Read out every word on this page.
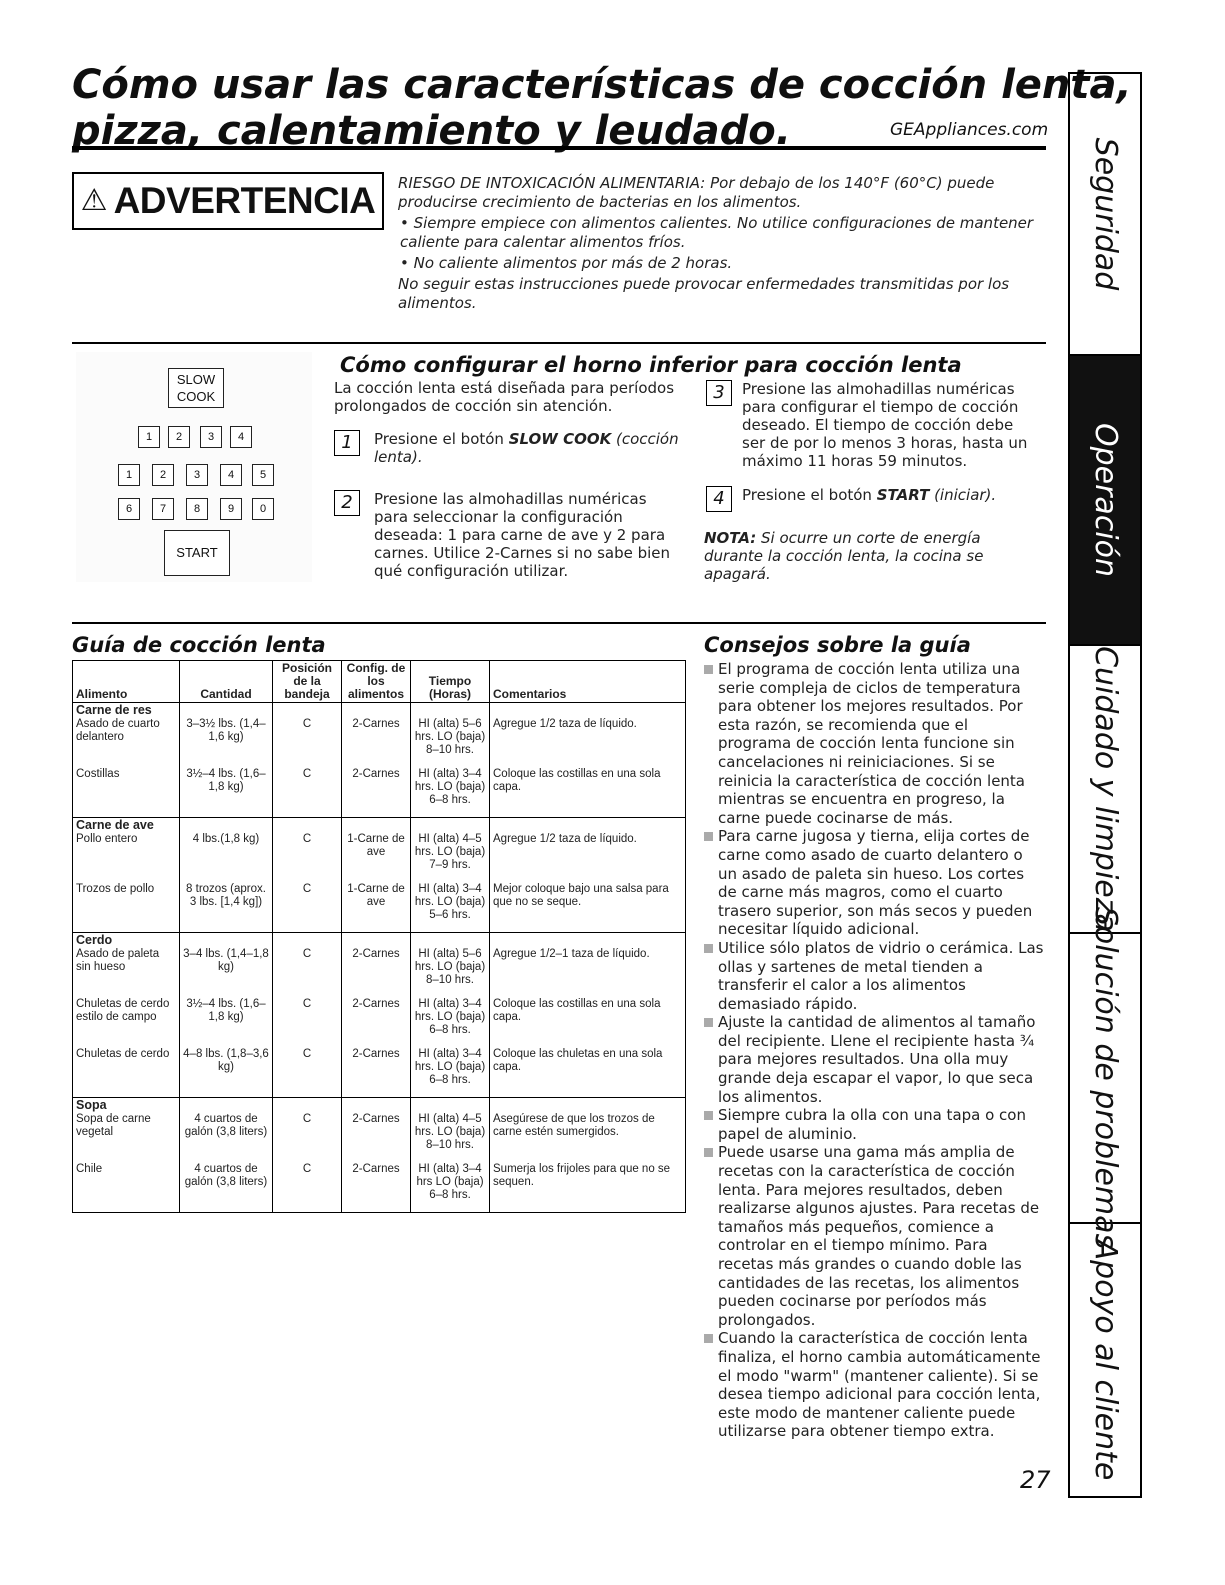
Cómo usar las características de cocción lenta,
pizza, calentamiento y leudado.	GEAppliances.com
⚠ ADVERTENCIA RIESGO DE INTOXICACIÓN ALIMENTARIA: Por debajo de los 140°F (60°C) puede producirse crecimiento de bacterias en los alimentos.

• Siempre empiece con alimentos calientes. No utilice configuraciones de mantener caliente para calentar alimentos fríos.

• No caliente alimentos por más de 2 horas.

No seguir estas instrucciones puede provocar enfermedades transmitidas por los alimentos.

SLOW
COOK
1	2	3	4
1	2	3	4	5
6	7	8	9	0
START
Cómo configurar el horno inferior para cocción lenta
La cocción lenta está diseñada para períodos prolongados de cocción sin atención.
1	Presione el botón SLOW COOK (cocción lenta).
2	Presione las almohadillas numéricas para seleccionar la configuración deseada: 1 para carne de ave y 2 para carnes. Utilice 2-Carnes si no sabe bien qué configuración utilizar.
3	Presione las almohadillas numéricas para configurar el tiempo de cocción deseado. El tiempo de cocción debe ser de por lo menos 3 horas, hasta un máximo 11 horas 59 minutos.
4	Presione el botón START (iniciar).
NOTA: Si ocurre un corte de energía durante la cocción lenta, la cocina se apagará.
Guía de cocción lenta
Alimento	Cantidad	Posición de la bandeja	Config. de los alimentos	Tiempo (Horas)	Comentarios
Carne de res					
Asado de cuarto delantero	3–3½ lbs. (1,4–1,6 kg)	C	2-Carnes	HI (alta) 5–6 hrs. LO (baja) 8–10 hrs.	Agregue 1/2 taza de líquido.
Costillas	3½–4 lbs. (1,6–1,8 kg)	C	2-Carnes	HI (alta) 3–4 hrs. LO (baja) 6–8 hrs.	Coloque las costillas en una sola capa.
Carne de ave					
Pollo entero	4 lbs.(1,8 kg)	C	1-Carne de ave	HI (alta) 4–5 hrs. LO (baja) 7–9 hrs.	Agregue 1/2 taza de líquido.
Trozos de pollo	8 trozos (aprox. 3 lbs. [1,4 kg])	C	1-Carne de ave	HI (alta) 3–4 hrs. LO (baja) 5–6 hrs.	Mejor coloque bajo una salsa para que no se seque.
Cerdo					
Asado de paleta sin hueso	3–4 lbs. (1,4–1,8 kg)	C	2-Carnes	HI (alta) 5–6 hrs. LO (baja) 8–10 hrs.	Agregue 1/2–1 taza de líquido.
Chuletas de cerdo estilo de campo	3½–4 lbs. (1,6–1,8 kg)	C	2-Carnes	HI (alta) 3–4 hrs. LO (baja) 6–8 hrs.	Coloque las costillas en una sola capa.
Chuletas de cerdo	4–8 lbs. (1,8–3,6 kg)	C	2-Carnes	HI (alta) 3–4 hrs. LO (baja) 6–8 hrs.	Coloque las chuletas en una sola capa.
Sopa					
Sopa de carne vegetal	4 cuartos de galón (3,8 liters)	C	2-Carnes	HI (alta) 4–5 hrs. LO (baja) 8–10 hrs.	Asegúrese de que los trozos de carne estén sumergidos.
Chile	4 cuartos de galón (3,8 liters)	C	2-Carnes	HI (alta) 3–4 hrs LO (baja) 6–8 hrs.	Sumerja los frijoles para que no se sequen.
Consejos sobre la guía

El programa de cocción lenta utiliza una serie compleja de ciclos de temperatura para obtener los mejores resultados. Por esta razón, se recomienda que el programa de cocción lenta funcione sin cancelaciones ni reiniciaciones. Si se reinicia la característica de cocción lenta mientras se encuentra en progreso, la carne puede cocinarse de más.

Para carne jugosa y tierna, elija cortes de carne como asado de cuarto delantero o un asado de paleta sin hueso. Los cortes de carne más magros, como el cuarto trasero superior, son más secos y pueden necesitar líquido adicional.

Utilice sólo platos de vidrio o cerámica. Las ollas y sartenes de metal tienden a transferir el calor a los alimentos demasiado rápido.

Ajuste la cantidad de alimentos al tamaño del recipiente. Llene el recipiente hasta ¾ para mejores resultados. Una olla muy grande deja escapar el vapor, lo que seca los alimentos.

Siempre cubra la olla con una tapa o con papel de aluminio.

Puede usarse una gama más amplia de recetas con la característica de cocción lenta. Para mejores resultados, deben realizarse algunos ajustes. Para recetas de tamaños más pequeños, comience a controlar en el tiempo mínimo. Para recetas más grandes o cuando doble las cantidades de las recetas, los alimentos pueden cocinarse por períodos más prolongados.

Cuando la característica de cocción lenta finaliza, el horno cambia automáticamente el modo "warm" (mantener caliente). Si se desea tiempo adicional para cocción lenta, este modo de mantener caliente puede utilizarse para obtener tiempo extra.

Seguridad
Operación
Cuidado y limpieza
Solución de problemas
Apoyo al cliente
27
